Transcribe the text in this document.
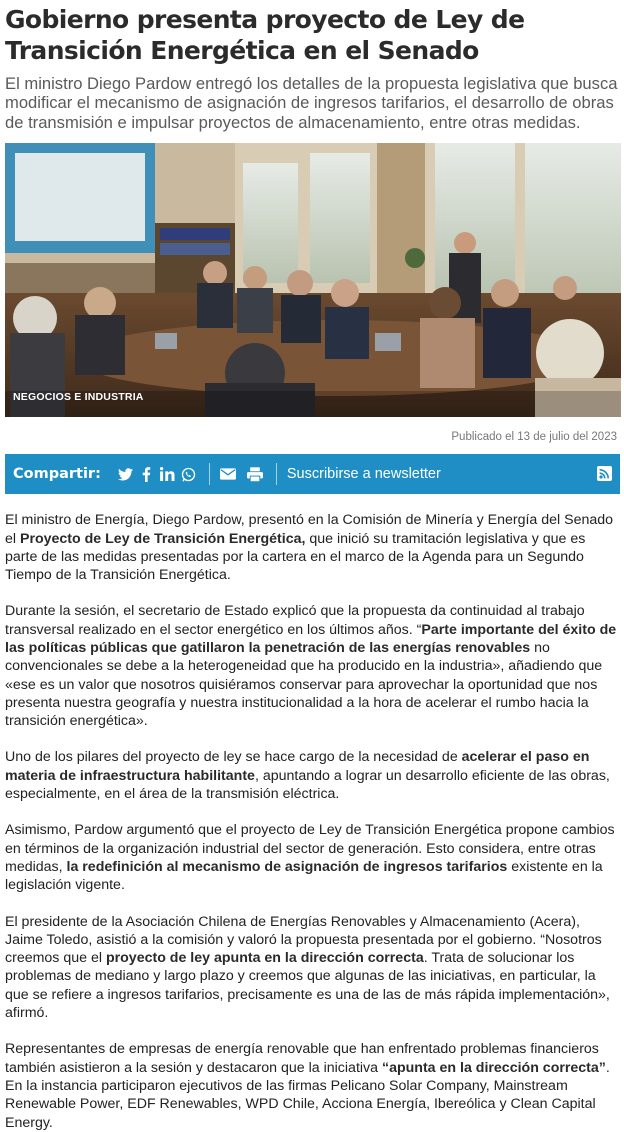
Gobierno presenta proyecto de Ley de Transición Energética en el Senado

El ministro Diego Pardow entregó los detalles de la propuesta legislativa que busca modificar el mecanismo de asignación de ingresos tarifarios, el desarrollo de obras de transmisión e impulsar proyectos de almacenamiento, entre otras medidas.

NEGOCIOS E INDUSTRIA
Publicado el 13 de julio del 2023
Compartir:	Suscribirse a newsletter

El ministro de Energía, Diego Pardow, presentó en la Comisión de Minería y Energía del Senado el Proyecto de Ley de Transición Energética, que inició su tramitación legislativa y que es parte de las medidas presentadas por la cartera en el marco de la Agenda para un Segundo Tiempo de la Transición Energética.

Durante la sesión, el secretario de Estado explicó que la propuesta da continuidad al trabajo transversal realizado en el sector energético en los últimos años. “Parte importante del éxito de las políticas públicas que gatillaron la penetración de las energías renovables no convencionales se debe a la heterogeneidad que ha producido en la industria», añadiendo que «ese es un valor que nosotros quisiéramos conservar para aprovechar la oportunidad que nos presenta nuestra geografía y nuestra institucionalidad a la hora de acelerar el rumbo hacia la transición energética».

Uno de los pilares del proyecto de ley se hace cargo de la necesidad de acelerar el paso en materia de infraestructura habilitante, apuntando a lograr un desarrollo eficiente de las obras, especialmente, en el área de la transmisión eléctrica.

Asimismo, Pardow argumentó que el proyecto de Ley de Transición Energética propone cambios en términos de la organización industrial del sector de generación. Esto considera, entre otras medidas, la redefinición al mecanismo de asignación de ingresos tarifarios existente en la legislación vigente.

El presidente de la Asociación Chilena de Energías Renovables y Almacenamiento (Acera), Jaime Toledo, asistió a la comisión y valoró la propuesta presentada por el gobierno. “Nosotros creemos que el proyecto de ley apunta en la dirección correcta. Trata de solucionar los problemas de mediano y largo plazo y creemos que algunas de las iniciativas, en particular, la que se refiere a ingresos tarifarios, precisamente es una de las de más rápida implementación», afirmó.

Representantes de empresas de energía renovable que han enfrentado problemas financieros también asistieron a la sesión y destacaron que la iniciativa “apunta en la dirección correcta”. En la instancia participaron ejecutivos de las firmas Pelicano Solar Company, Mainstream Renewable Power, EDF Renewables, WPD Chile, Acciona Energía, Ibereólica y Clean Capital Energy.
